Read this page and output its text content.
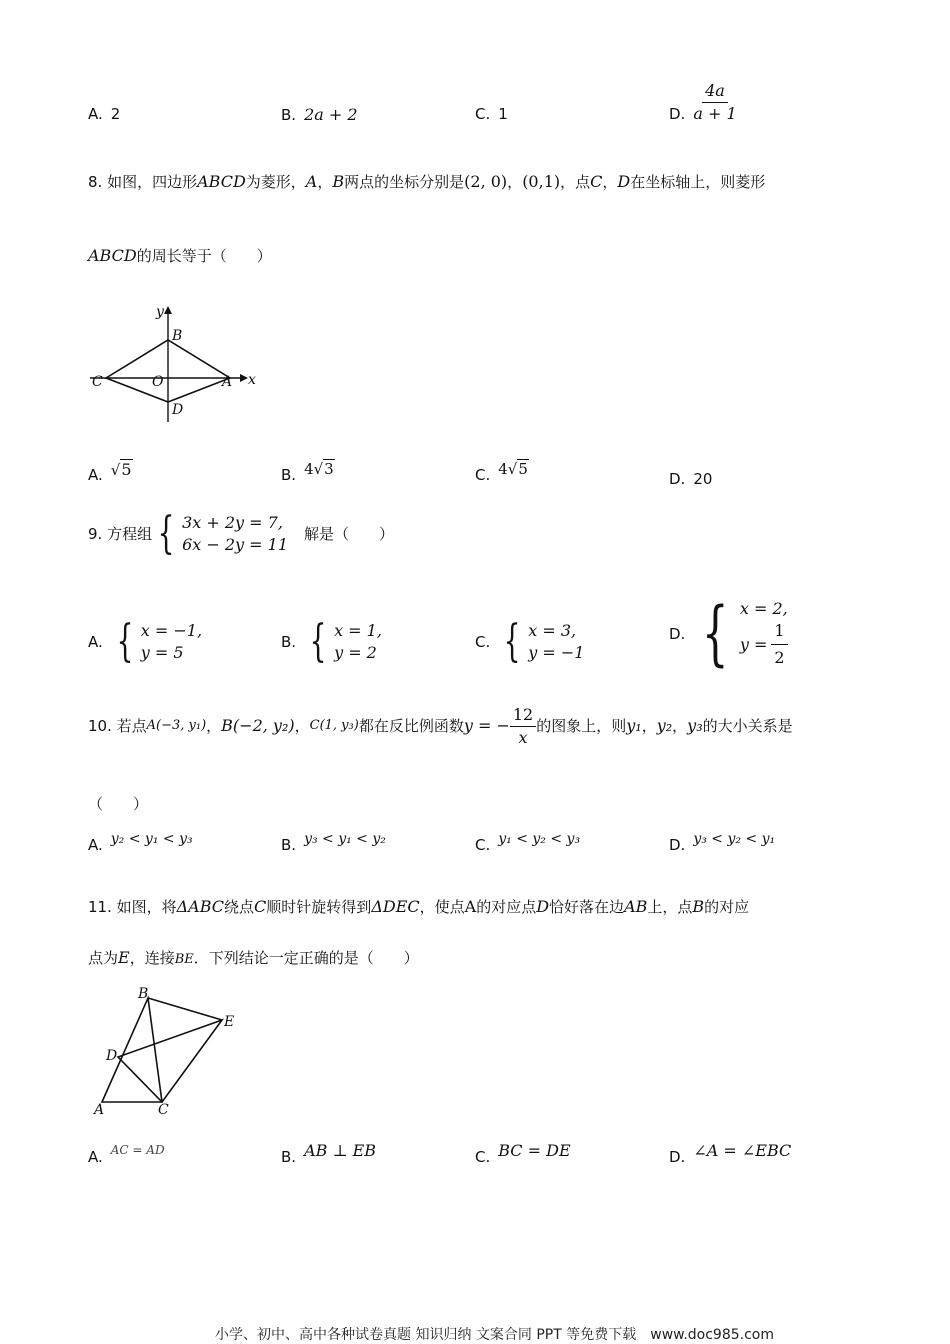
A. 2	B. 2a + 2	C. 1	D. $\frac{4a}{a + 1}$
8. 如图，四边形ABCD为菱形，A，B两点的坐标分别是(2, 0)，(0,1)，点C，D在坐标轴上，则菱形
ABCD的周长等于（　　）
y
x
B
C	O	A
D
A. √5	B. 4√3	C. 4√5
D. 20
9. 方程组 { 3x + 2y = 7,
6x − 2y = 11
解是（　　）
A. { x = −1,
y = 5
B. { x = 1,
y = 2
C. { x = 3,
y = −1
D. { x = 2,
$y = \frac{1}{2}$
10. 若点 A(−3, y₁) ， B(−2, y₂) ， C(1, y₃) 都在反比例函数 y = − $\frac{12}{x}$ 的图象上，则 y₁ ， y₂ ， y₃ 的大小关系是
（　　）
A. y₂ < y₁ < y₃	B. y₃ < y₁ < y₂	C. y₁ < y₂ < y₃	D. y₃ < y₂ < y₁
11. 如图，将ΔABC绕点C顺时针旋转得到ΔDEC，使点A的对应点D恰好落在边AB上，点B的对应
点为E，连接BE．下列结论一定正确的是（　　）
B
E
D
A	C
A. AC = AD	B. AB ⊥ EB	C. BC = DE	D. ∠A = ∠EBC
小学、初中、高中各种试卷真题 知识归纳 文案合同 PPT 等免费下载　www.doc985.com
